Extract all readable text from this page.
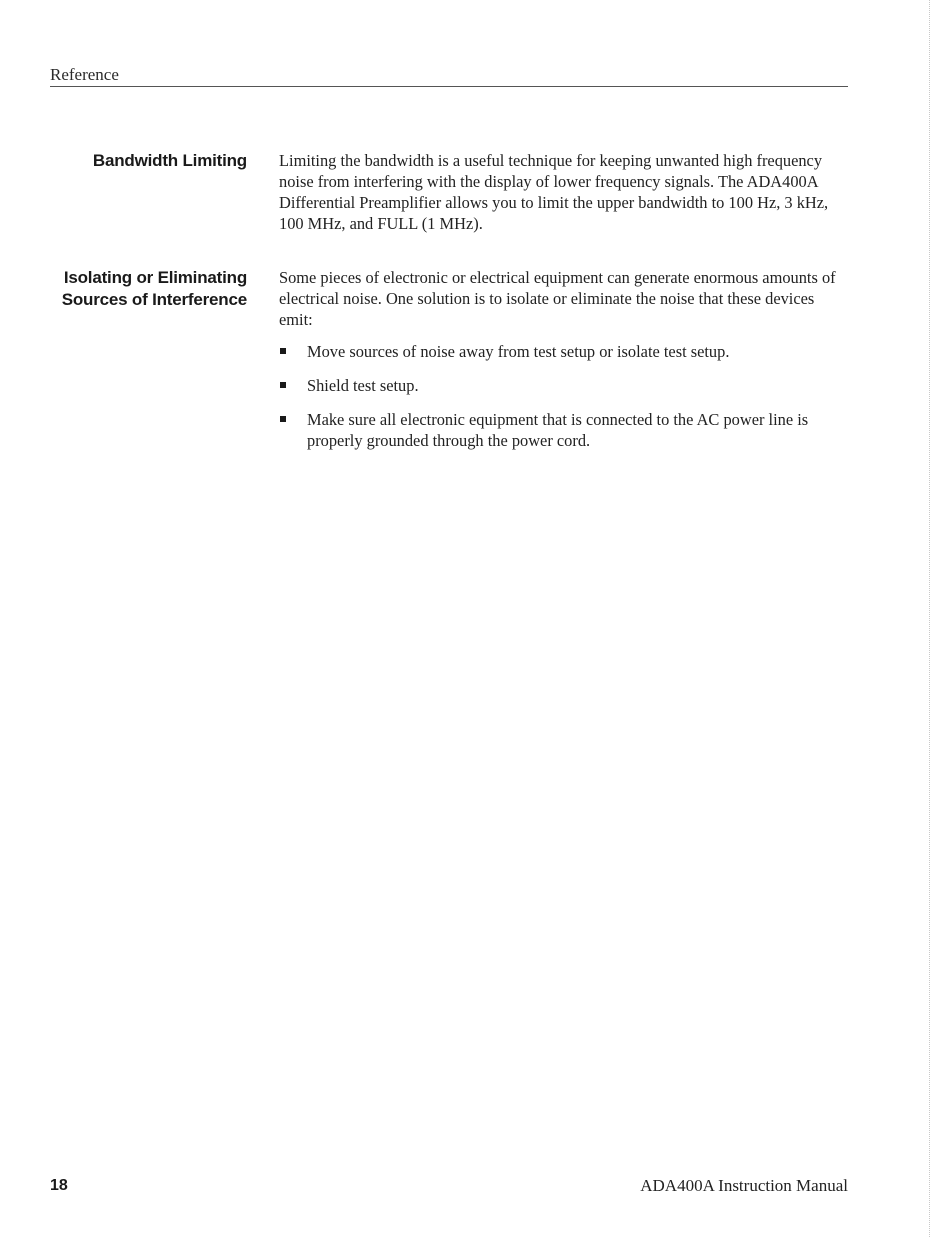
Reference
Bandwidth Limiting Limiting the bandwidth is a useful technique for keeping unwanted high frequency noise from interfering with the display of lower frequency signals. The ADA400A Differential Preamplifier allows you to limit the upper bandwidth to 100 Hz, 3 kHz, 100 MHz, and FULL (1 MHz).

Isolating or Eliminating
Sources of Interference

Some pieces of electronic or electrical equipment can generate enormous amounts of electrical noise. One solution is to isolate or eliminate the noise that these devices emit:

Move sources of noise away from test setup or isolate test setup.
Shield test setup.
Make sure all electronic equipment that is connected to the AC power line is properly grounded through the power cord.
18	ADA400A Instruction Manual
